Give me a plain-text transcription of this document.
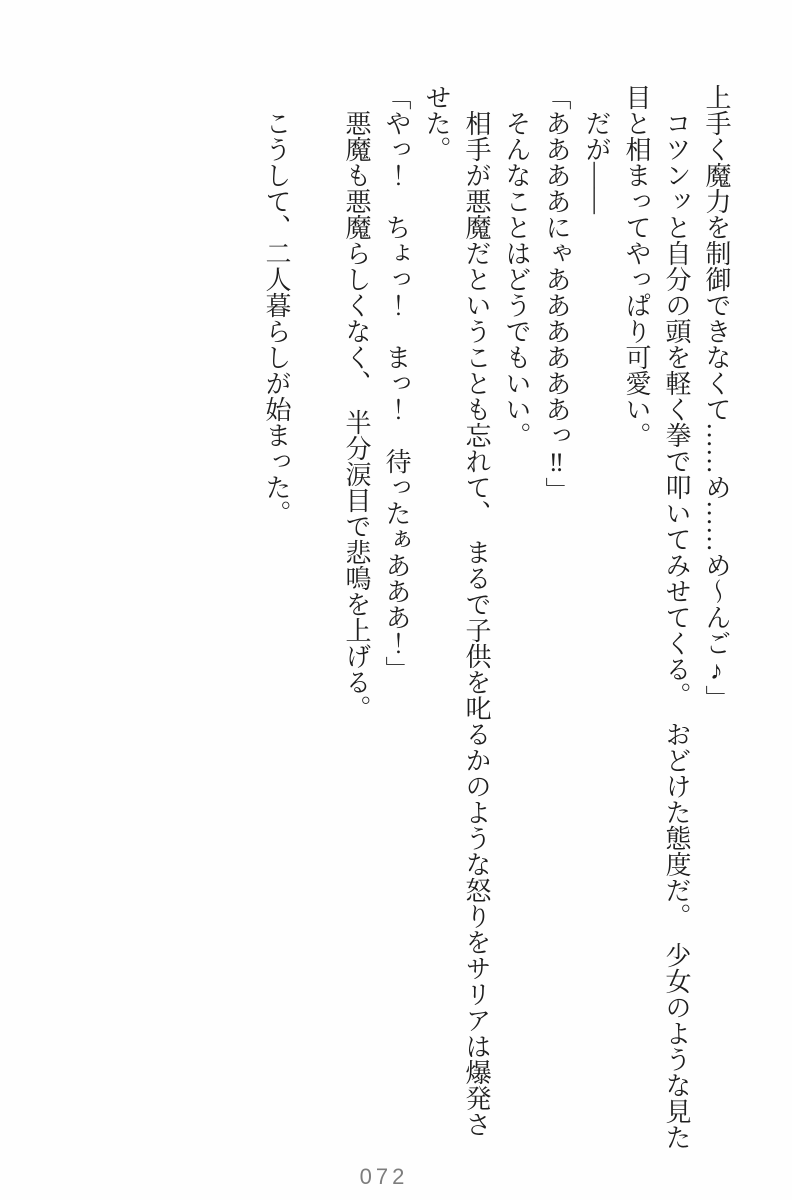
上手く魔力を制御できなくて……め……め〜んご♪」

コツンッと自分の頭を軽く拳で叩いてみせてくる。　おどけた態度だ。　少女のような見た

目と相まってやっぱり可愛い。

だが――

「ああああにゃああああああっ‼」

そんなことはどうでもいい。

相手が悪魔だということも忘れて、　まるで子供を叱るかのような怒りをサリアは爆発さ

せた。

「やっ！　ちょっ！　まっ！　待ったぁあああ！」

悪魔も悪魔らしくなく、　半分涙目で悲鳴を上げる。

こうして、二人暮らしが始まった。

072
